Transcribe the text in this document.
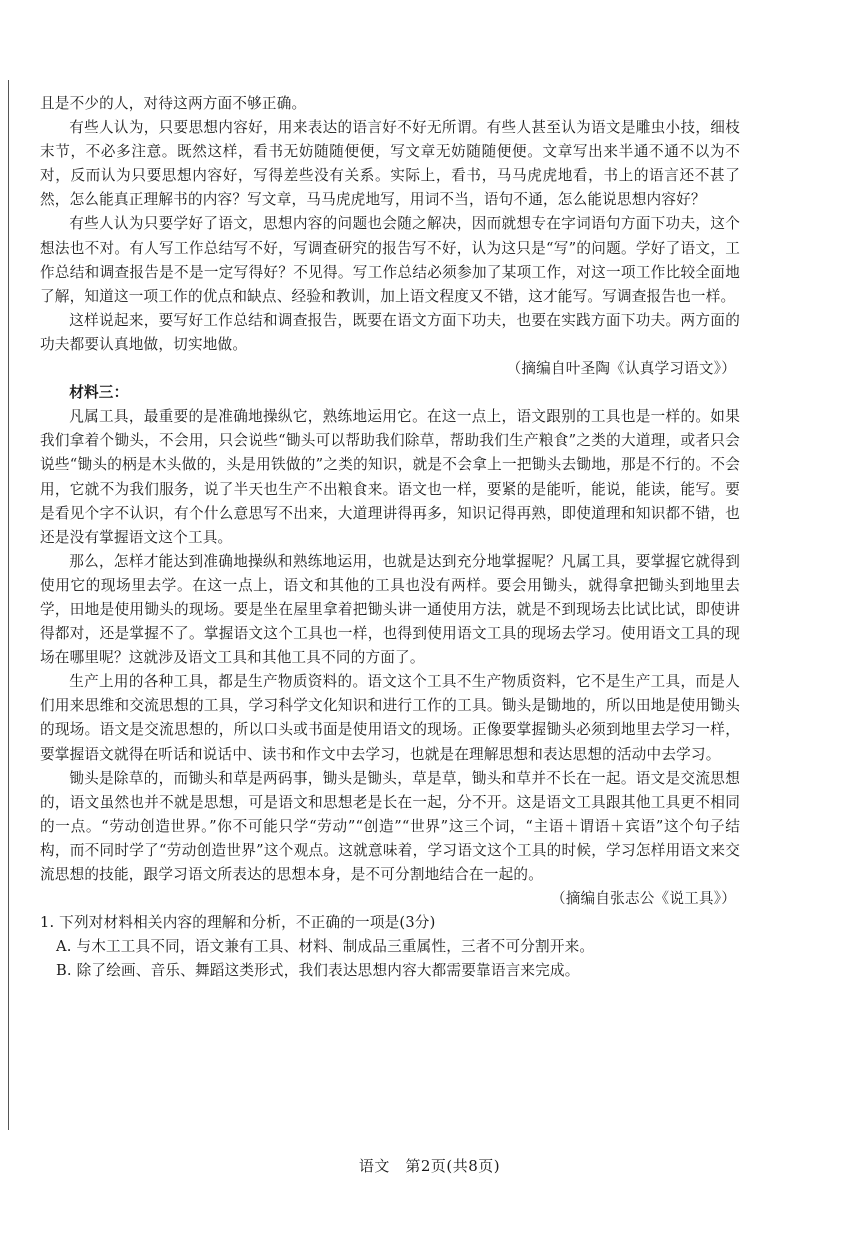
且是不少的人，对待这两方面不够正确。

有些人认为，只要思想内容好，用来表达的语言好不好无所谓。有些人甚至认为语文是雕虫小技，细枝末节，不必多注意。既然这样，看书无妨随随便便，写文章无妨随随便便。文章写出来半通不通不以为不对，反而认为只要思想内容好，写得差些没有关系。实际上，看书，马马虎虎地看，书上的语言还不甚了然，怎么能真正理解书的内容？写文章，马马虎虎地写，用词不当，语句不通，怎么能说思想内容好？

有些人认为只要学好了语文，思想内容的问题也会随之解决，因而就想专在字词语句方面下功夫，这个想法也不对。有人写工作总结写不好，写调查研究的报告写不好，认为这只是“写”的问题。学好了语文，工作总结和调查报告是不是一定写得好？不见得。写工作总结必须参加了某项工作，对这一项工作比较全面地了解，知道这一项工作的优点和缺点、经验和教训，加上语文程度又不错，这才能写。写调查报告也一样。

这样说起来，要写好工作总结和调查报告，既要在语文方面下功夫，也要在实践方面下功夫。两方面的功夫都要认真地做，切实地做。

（摘编自叶圣陶《认真学习语文》）

材料三：

凡属工具，最重要的是准确地操纵它，熟练地运用它。在这一点上，语文跟别的工具也是一样的。如果我们拿着个锄头，不会用，只会说些“锄头可以帮助我们除草，帮助我们生产粮食”之类的大道理，或者只会说些“锄头的柄是木头做的，头是用铁做的”之类的知识，就是不会拿上一把锄头去锄地，那是不行的。不会用，它就不为我们服务，说了半天也生产不出粮食来。语文也一样，要紧的是能听，能说，能读，能写。要是看见个字不认识，有个什么意思写不出来，大道理讲得再多，知识记得再熟，即使道理和知识都不错，也还是没有掌握语文这个工具。

那么，怎样才能达到准确地操纵和熟练地运用，也就是达到充分地掌握呢？凡属工具，要掌握它就得到使用它的现场里去学。在这一点上，语文和其他的工具也没有两样。要会用锄头，就得拿把锄头到地里去学，田地是使用锄头的现场。要是坐在屋里拿着把锄头讲一通使用方法，就是不到现场去比试比试，即使讲得都对，还是掌握不了。掌握语文这个工具也一样，也得到使用语文工具的现场去学习。使用语文工具的现场在哪里呢？这就涉及语文工具和其他工具不同的方面了。

生产上用的各种工具，都是生产物质资料的。语文这个工具不生产物质资料，它不是生产工具，而是人们用来思维和交流思想的工具，学习科学文化知识和进行工作的工具。锄头是锄地的，所以田地是使用锄头的现场。语文是交流思想的，所以口头或书面是使用语文的现场。正像要掌握锄头必须到地里去学习一样，要掌握语文就得在听话和说话中、读书和作文中去学习，也就是在理解思想和表达思想的活动中去学习。

锄头是除草的，而锄头和草是两码事，锄头是锄头，草是草，锄头和草并不长在一起。语文是交流思想的，语文虽然也并不就是思想，可是语文和思想老是长在一起，分不开。这是语文工具跟其他工具更不相同的一点。“劳动创造世界。”你不可能只学“劳动”“创造”“世界”这三个词，“主语＋谓语＋宾语”这个句子结构，而不同时学了“劳动创造世界”这个观点。这就意味着，学习语文这个工具的时候，学习怎样用语文来交流思想的技能，跟学习语文所表达的思想本身，是不可分割地结合在一起的。

（摘编自张志公《说工具》）

1. 下列对材料相关内容的理解和分析，不正确的一项是(3分)

A. 与木工工具不同，语文兼有工具、材料、制成品三重属性，三者不可分割开来。

B. 除了绘画、音乐、舞蹈这类形式，我们表达思想内容大都需要靠语言来完成。

语文　第2页(共8页)
